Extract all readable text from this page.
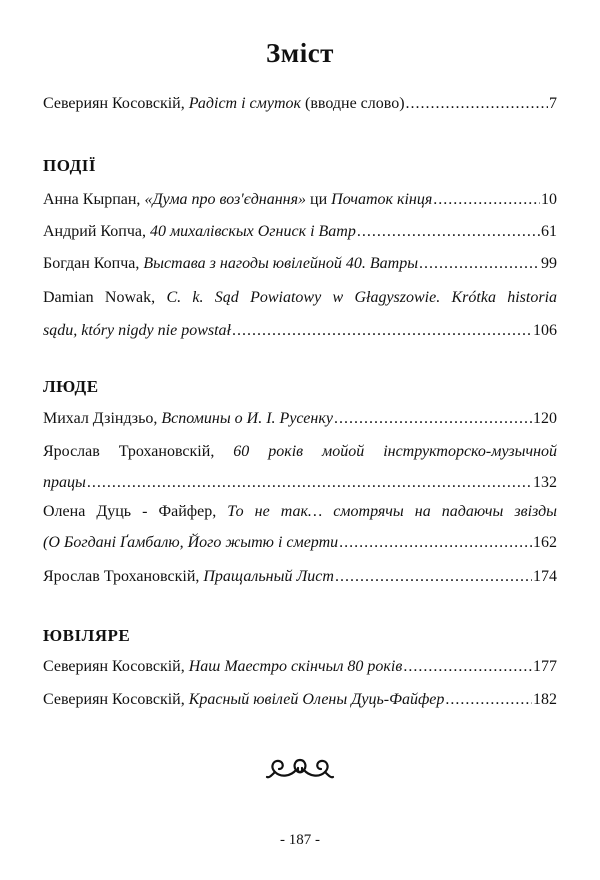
Зміст
Севериян Косовскій,
Радіст і смуток
(вводне слово) .....	7
ПОДІЇ
Анна Кырпан,
«Дума про воз'єднання»
ци
Початок кінця .....	10
Андрий Копча,
40 михалівскых Огниск і Ватр .....	61
Богдан Копча,
Выстава з нагоды ювілейной 40. Ватры .....	99
Damian Nowak, C. k. Sąd Powiatowy w Głagyszowie. Krótka historia
sądu, który nigdy nie powstał .....	106
ЛЮДЕ
Михал Дзіндзьо,
Вспомины о И. І. Русенку .....	120
Ярослав Трохановскій, 60 років мойой інструкторско-музычной
працы .....	132
Олена Дуць - Файфер, То не так… смотрячы на падаючы звізды
(О Богдані Ґамбалю, Його жытю і смерти .....	162
Ярослав Трохановскій,
Пращальный Лист .....	174
ЮВІЛЯРЕ
Севериян Косовскій,
Наш Маестро скінчыл 80 років .....	177
Севериян Косовскій,
Красный ювілей Олены Дуць-Файфер .....	182
- 187 -
